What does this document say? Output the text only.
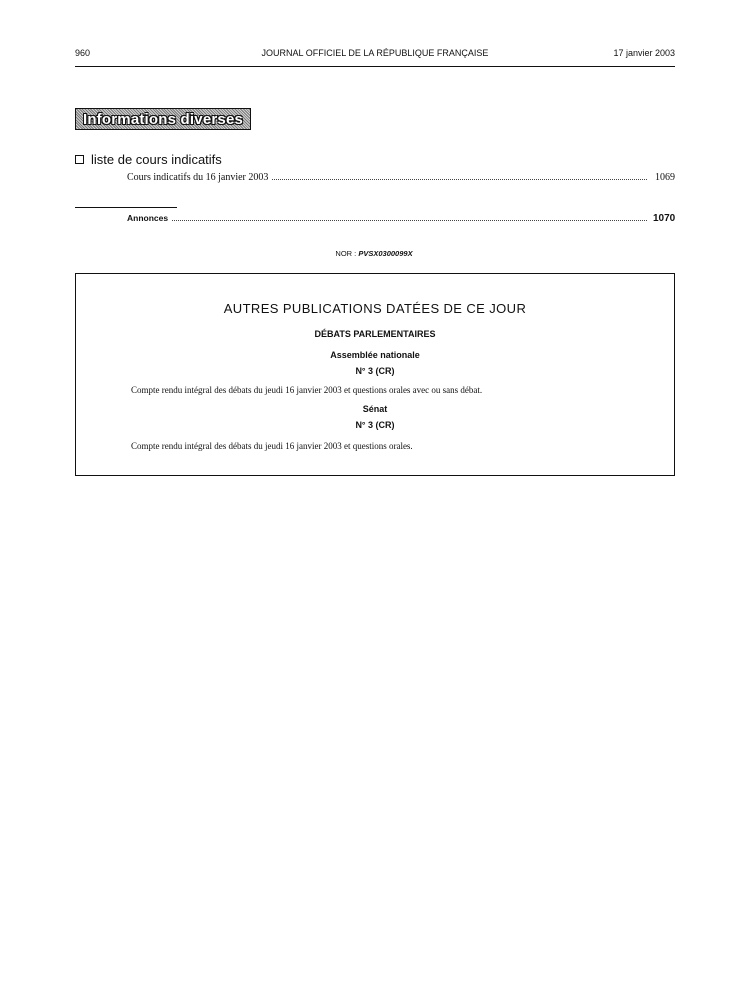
960	JOURNAL OFFICIEL DE LA RÉPUBLIQUE FRANÇAISE	17 janvier 2003
Informations diverses
liste de cours indicatifs
Cours indicatifs du 16 janvier 2003	1069
Annonces	1070
NOR : PVSX0300099X
AUTRES PUBLICATIONS DATÉES DE CE JOUR
DÉBATS PARLEMENTAIRES
Assemblée nationale
N° 3 (CR)
Compte rendu intégral des débats du jeudi 16 janvier 2003 et questions orales avec ou sans débat.
Sénat
N° 3 (CR)
Compte rendu intégral des débats du jeudi 16 janvier 2003 et questions orales.
